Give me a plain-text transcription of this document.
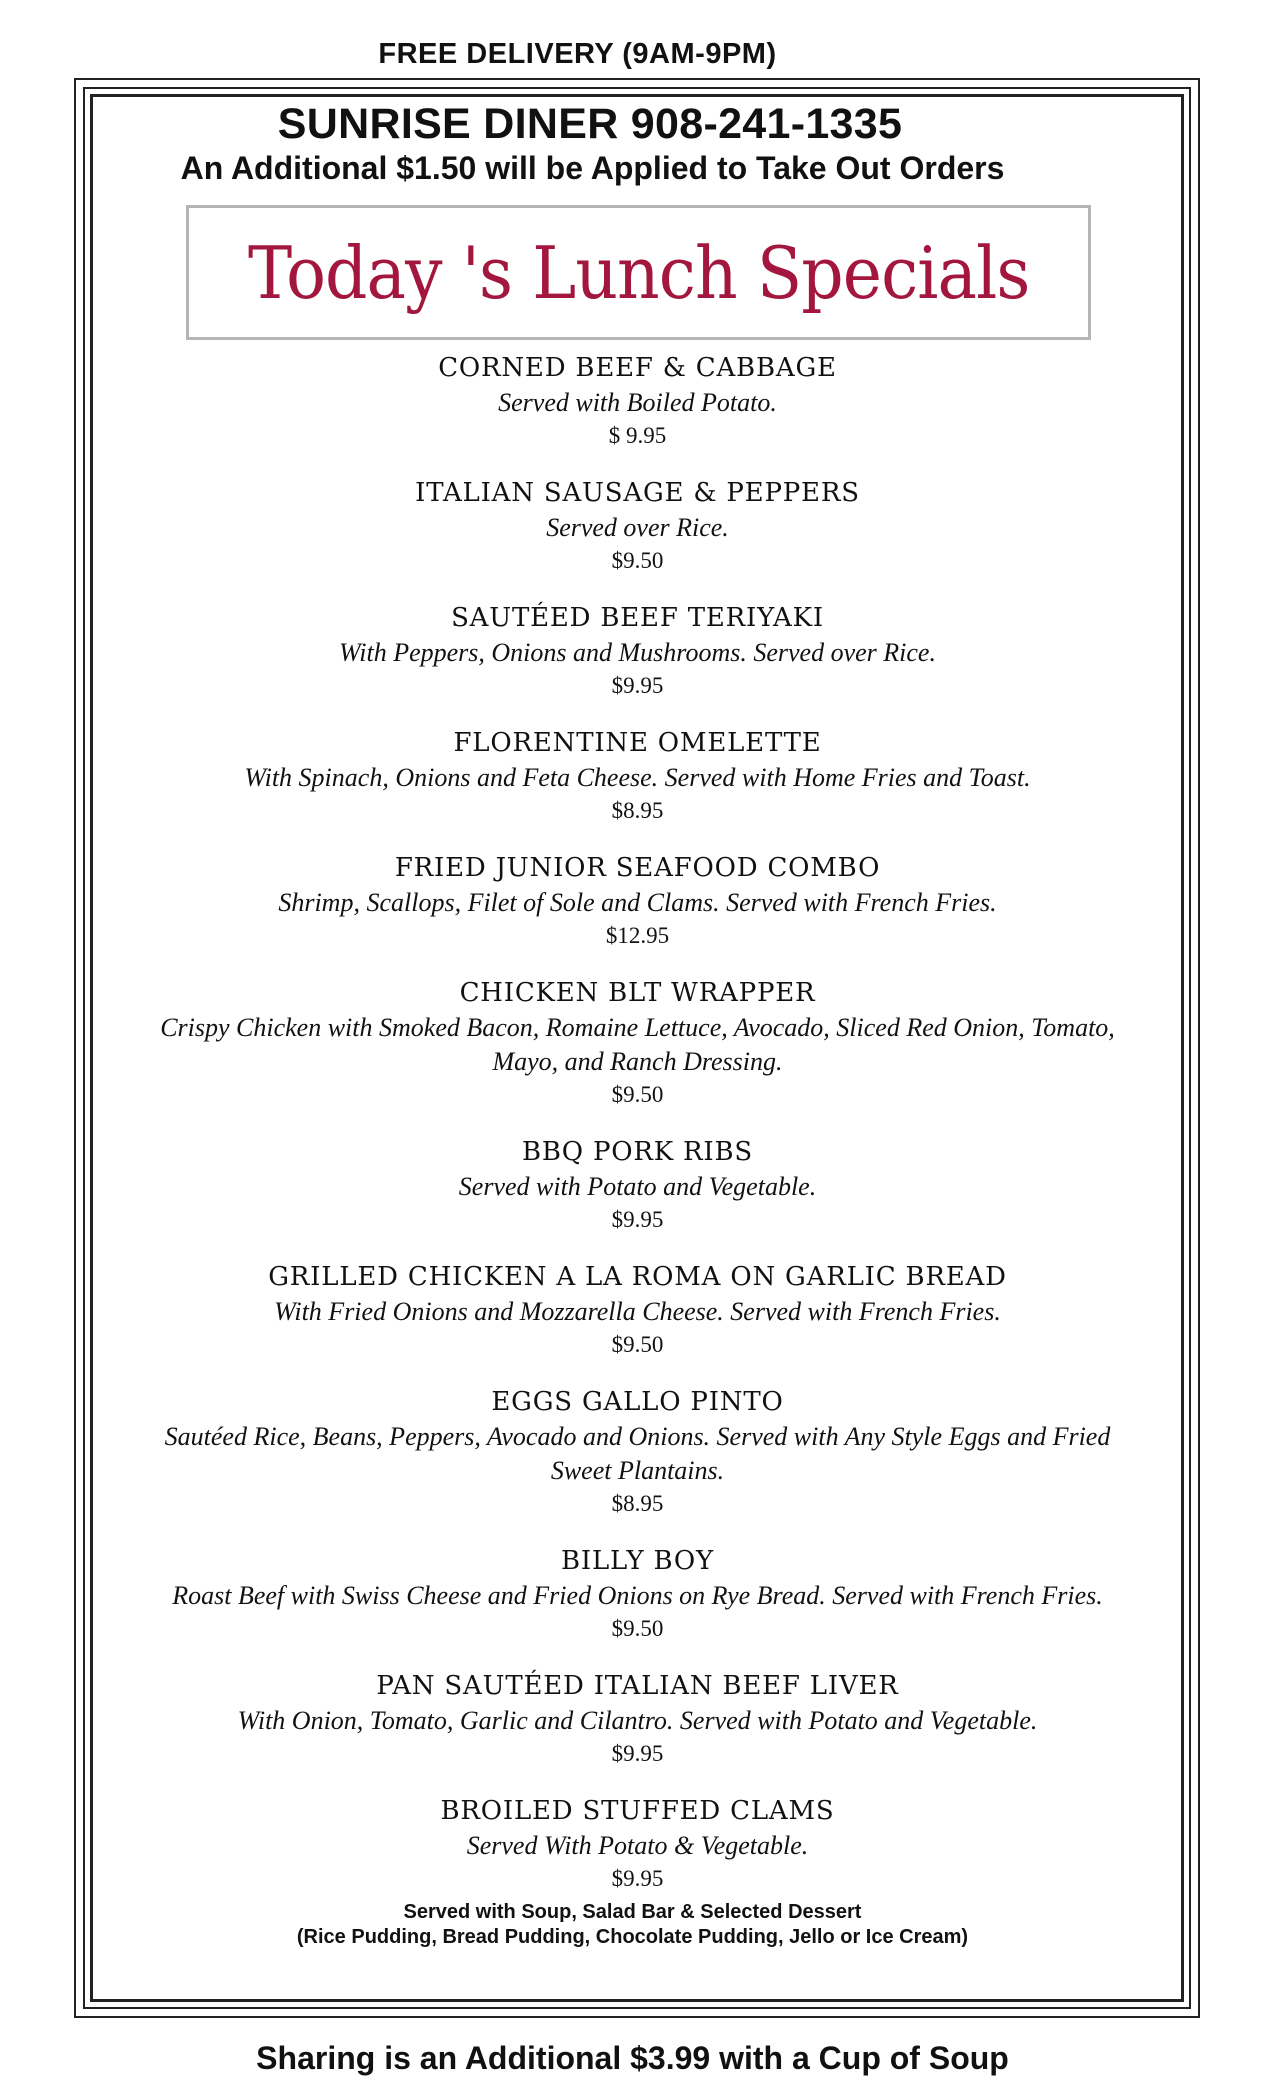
FREE DELIVERY (9AM-9PM)
SUNRISE DINER 908-241-1335
An Additional $1.50 will be Applied to Take Out Orders
Today 's Lunch Specials
CORNED BEEF & CABBAGE
Served with Boiled Potato.
$ 9.95
ITALIAN SAUSAGE & PEPPERS
Served over Rice.
$9.50
SAUTÉED BEEF TERIYAKI
With Peppers, Onions and Mushrooms. Served over Rice.
$9.95
FLORENTINE OMELETTE
With Spinach, Onions and Feta Cheese. Served with Home Fries and Toast.
$8.95
FRIED JUNIOR SEAFOOD COMBO
Shrimp, Scallops, Filet of Sole and Clams. Served with French Fries.
$12.95
CHICKEN BLT WRAPPER
Crispy Chicken with Smoked Bacon, Romaine Lettuce, Avocado, Sliced Red Onion, Tomato, Mayo, and Ranch Dressing.
$9.50
BBQ PORK RIBS
Served with Potato and Vegetable.
$9.95
GRILLED CHICKEN A LA ROMA ON GARLIC BREAD
With Fried Onions and Mozzarella Cheese. Served with French Fries.
$9.50
EGGS GALLO PINTO
Sautéed Rice, Beans, Peppers, Avocado and Onions. Served with Any Style Eggs and Fried Sweet Plantains.
$8.95
BILLY BOY
Roast Beef with Swiss Cheese and Fried Onions on Rye Bread. Served with French Fries.
$9.50
PAN SAUTÉED ITALIAN BEEF LIVER
With Onion, Tomato, Garlic and Cilantro. Served with Potato and Vegetable.
$9.95
BROILED STUFFED CLAMS
Served With Potato & Vegetable.
$9.95
Served with Soup, Salad Bar & Selected Dessert
(Rice Pudding, Bread Pudding, Chocolate Pudding, Jello or Ice Cream)
Sharing is an Additional $3.99 with a Cup of Soup
